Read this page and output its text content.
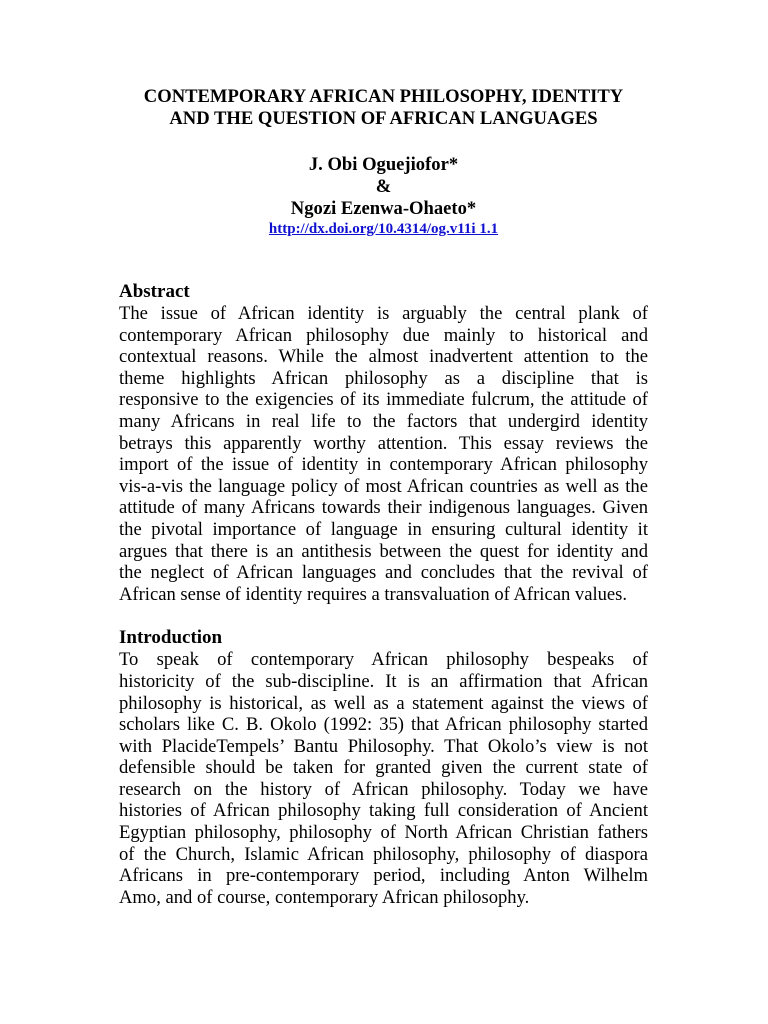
CONTEMPORARY AFRICAN PHILOSOPHY, IDENTITY
AND THE QUESTION OF AFRICAN LANGUAGES
J. Obi Oguejiofor*
&
Ngozi Ezenwa-Ohaeto*
http://dx.doi.org/10.4314/og.v11i 1.1
Abstract
The issue of African identity is arguably the central plank of
contemporary African philosophy due mainly to historical and
contextual reasons. While the almost inadvertent attention to the
theme highlights African philosophy as a discipline that is
responsive to the exigencies of its immediate fulcrum, the attitude of
many Africans in real life to the factors that undergird identity
betrays this apparently worthy attention. This essay reviews the
import of the issue of identity in contemporary African philosophy
vis-a-vis the language policy of most African countries as well as the
attitude of many Africans towards their indigenous languages. Given
the pivotal importance of language in ensuring cultural identity it
argues that there is an antithesis between the quest for identity and
the neglect of African languages and concludes that the revival of
African sense of identity requires a transvaluation of African values.
Introduction
To speak of contemporary African philosophy bespeaks of
historicity of the sub-discipline. It is an affirmation that African
philosophy is historical, as well as a statement against the views of
scholars like C. B. Okolo (1992: 35) that African philosophy started
with PlacideTempels’ Bantu Philosophy. That Okolo’s view is not
defensible should be taken for granted given the current state of
research on the history of African philosophy. Today we have
histories of African philosophy taking full consideration of Ancient
Egyptian philosophy, philosophy of North African Christian fathers
of the Church, Islamic African philosophy, philosophy of diaspora
Africans in pre-contemporary period, including Anton Wilhelm
Amo, and of course, contemporary African philosophy.
